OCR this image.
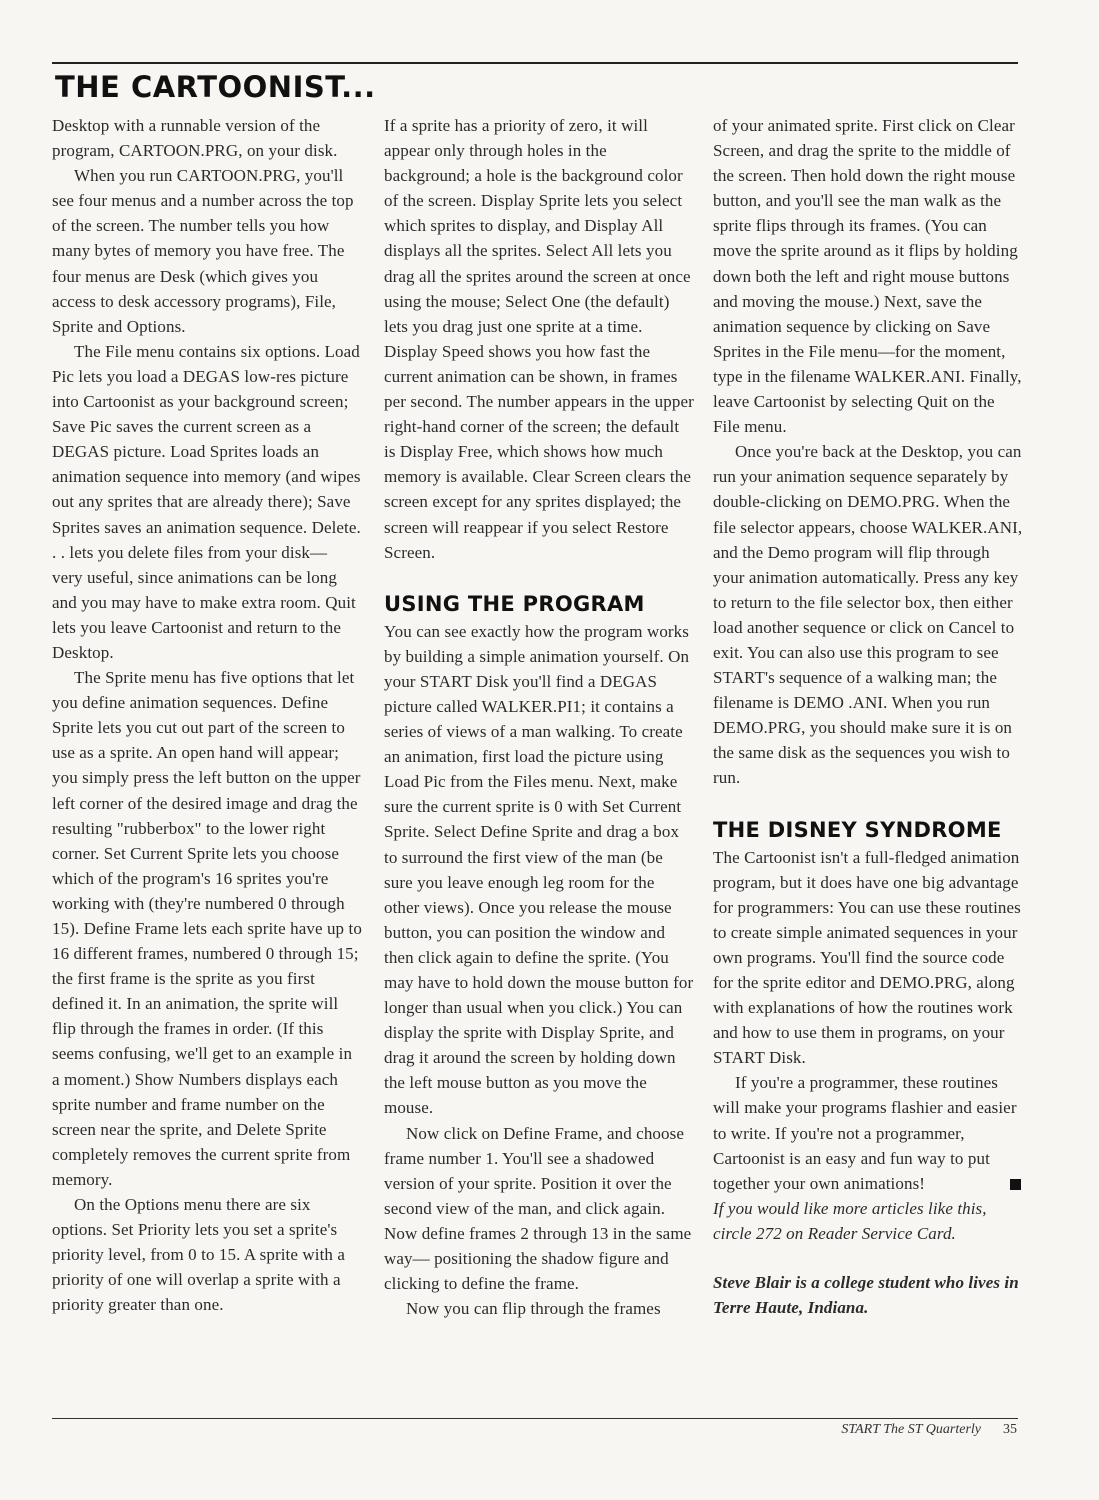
THE CARTOONIST...

Desktop with a runnable version of the program, CARTOON.PRG, on your disk.

When you run CARTOON.PRG, you'll see four menus and a number across the top of the screen. The number tells you how many bytes of memory you have free. The four menus are Desk (which gives you access to desk accessory programs), File, Sprite and Options.

The File menu contains six options. Load Pic lets you load a DEGAS low-res picture into Cartoonist as your background screen; Save Pic saves the current screen as a DEGAS picture. Load Sprites loads an animation sequence into memory (and wipes out any sprites that are already there); Save Sprites saves an animation sequence. Delete. . . lets you delete files from your disk— very useful, since animations can be long and you may have to make extra room. Quit lets you leave Cartoonist and return to the Desktop.

The Sprite menu has five options that let you define animation sequences. Define Sprite lets you cut out part of the screen to use as a sprite. An open hand will appear; you simply press the left button on the upper left corner of the desired image and drag the resulting "rubberbox" to the lower right corner. Set Current Sprite lets you choose which of the program's 16 sprites you're working with (they're numbered 0 through 15). Define Frame lets each sprite have up to 16 different frames, numbered 0 through 15; the first frame is the sprite as you first defined it. In an animation, the sprite will flip through the frames in order. (If this seems confusing, we'll get to an example in a moment.) Show Numbers displays each sprite number and frame number on the screen near the sprite, and Delete Sprite completely removes the current sprite from memory.

On the Options menu there are six options. Set Priority lets you set a sprite's priority level, from 0 to 15. A sprite with a priority of one will overlap a sprite with a priority greater than one.

If a sprite has a priority of zero, it will appear only through holes in the background; a hole is the background color of the screen. Display Sprite lets you select which sprites to display, and Display All displays all the sprites. Select All lets you drag all the sprites around the screen at once using the mouse; Select One (the default) lets you drag just one sprite at a time. Display Speed shows you how fast the current animation can be shown, in frames per second. The number appears in the upper right-hand corner of the screen; the default is Display Free, which shows how much memory is available. Clear Screen clears the screen except for any sprites displayed; the screen will reappear if you select Restore Screen.

USING THE PROGRAM

You can see exactly how the program works by building a simple animation yourself. On your START Disk you'll find a DEGAS picture called WALKER.PI1; it contains a series of views of a man walking. To create an animation, first load the picture using Load Pic from the Files menu. Next, make sure the current sprite is 0 with Set Current Sprite. Select Define Sprite and drag a box to surround the first view of the man (be sure you leave enough leg room for the other views). Once you release the mouse button, you can position the window and then click again to define the sprite. (You may have to hold down the mouse button for longer than usual when you click.) You can display the sprite with Display Sprite, and drag it around the screen by holding down the left mouse button as you move the mouse.

Now click on Define Frame, and choose frame number 1. You'll see a shadowed version of your sprite. Position it over the second view of the man, and click again. Now define frames 2 through 13 in the same way— positioning the shadow figure and clicking to define the frame.

Now you can flip through the frames

of your animated sprite. First click on Clear Screen, and drag the sprite to the middle of the screen. Then hold down the right mouse button, and you'll see the man walk as the sprite flips through its frames. (You can move the sprite around as it flips by holding down both the left and right mouse buttons and moving the mouse.) Next, save the animation sequence by clicking on Save Sprites in the File menu—for the moment, type in the filename WALKER.ANI. Finally, leave Cartoonist by selecting Quit on the File menu.

Once you're back at the Desktop, you can run your animation sequence separately by double-clicking on DEMO.PRG. When the file selector appears, choose WALKER.ANI, and the Demo program will flip through your animation automatically. Press any key to return to the file selector box, then either load another sequence or click on Cancel to exit. You can also use this program to see START's sequence of a walking man; the filename is DEMO .ANI. When you run DEMO.PRG, you should make sure it is on the same disk as the sequences you wish to run.

THE DISNEY SYNDROME

The Cartoonist isn't a full-fledged animation program, but it does have one big advantage for programmers: You can use these routines to create simple animated sequences in your own programs. You'll find the source code for the sprite editor and DEMO.PRG, along with explanations of how the routines work and how to use them in programs, on your START Disk.

If you're a programmer, these routines will make your programs flashier and easier to write. If you're not a programmer, Cartoonist is an easy and fun way to put together your own animations!

If you would like more articles like this, circle 272 on Reader Service Card.

Steve Blair is a college student who lives in Terre Haute, Indiana.

START The ST Quarterly 35
